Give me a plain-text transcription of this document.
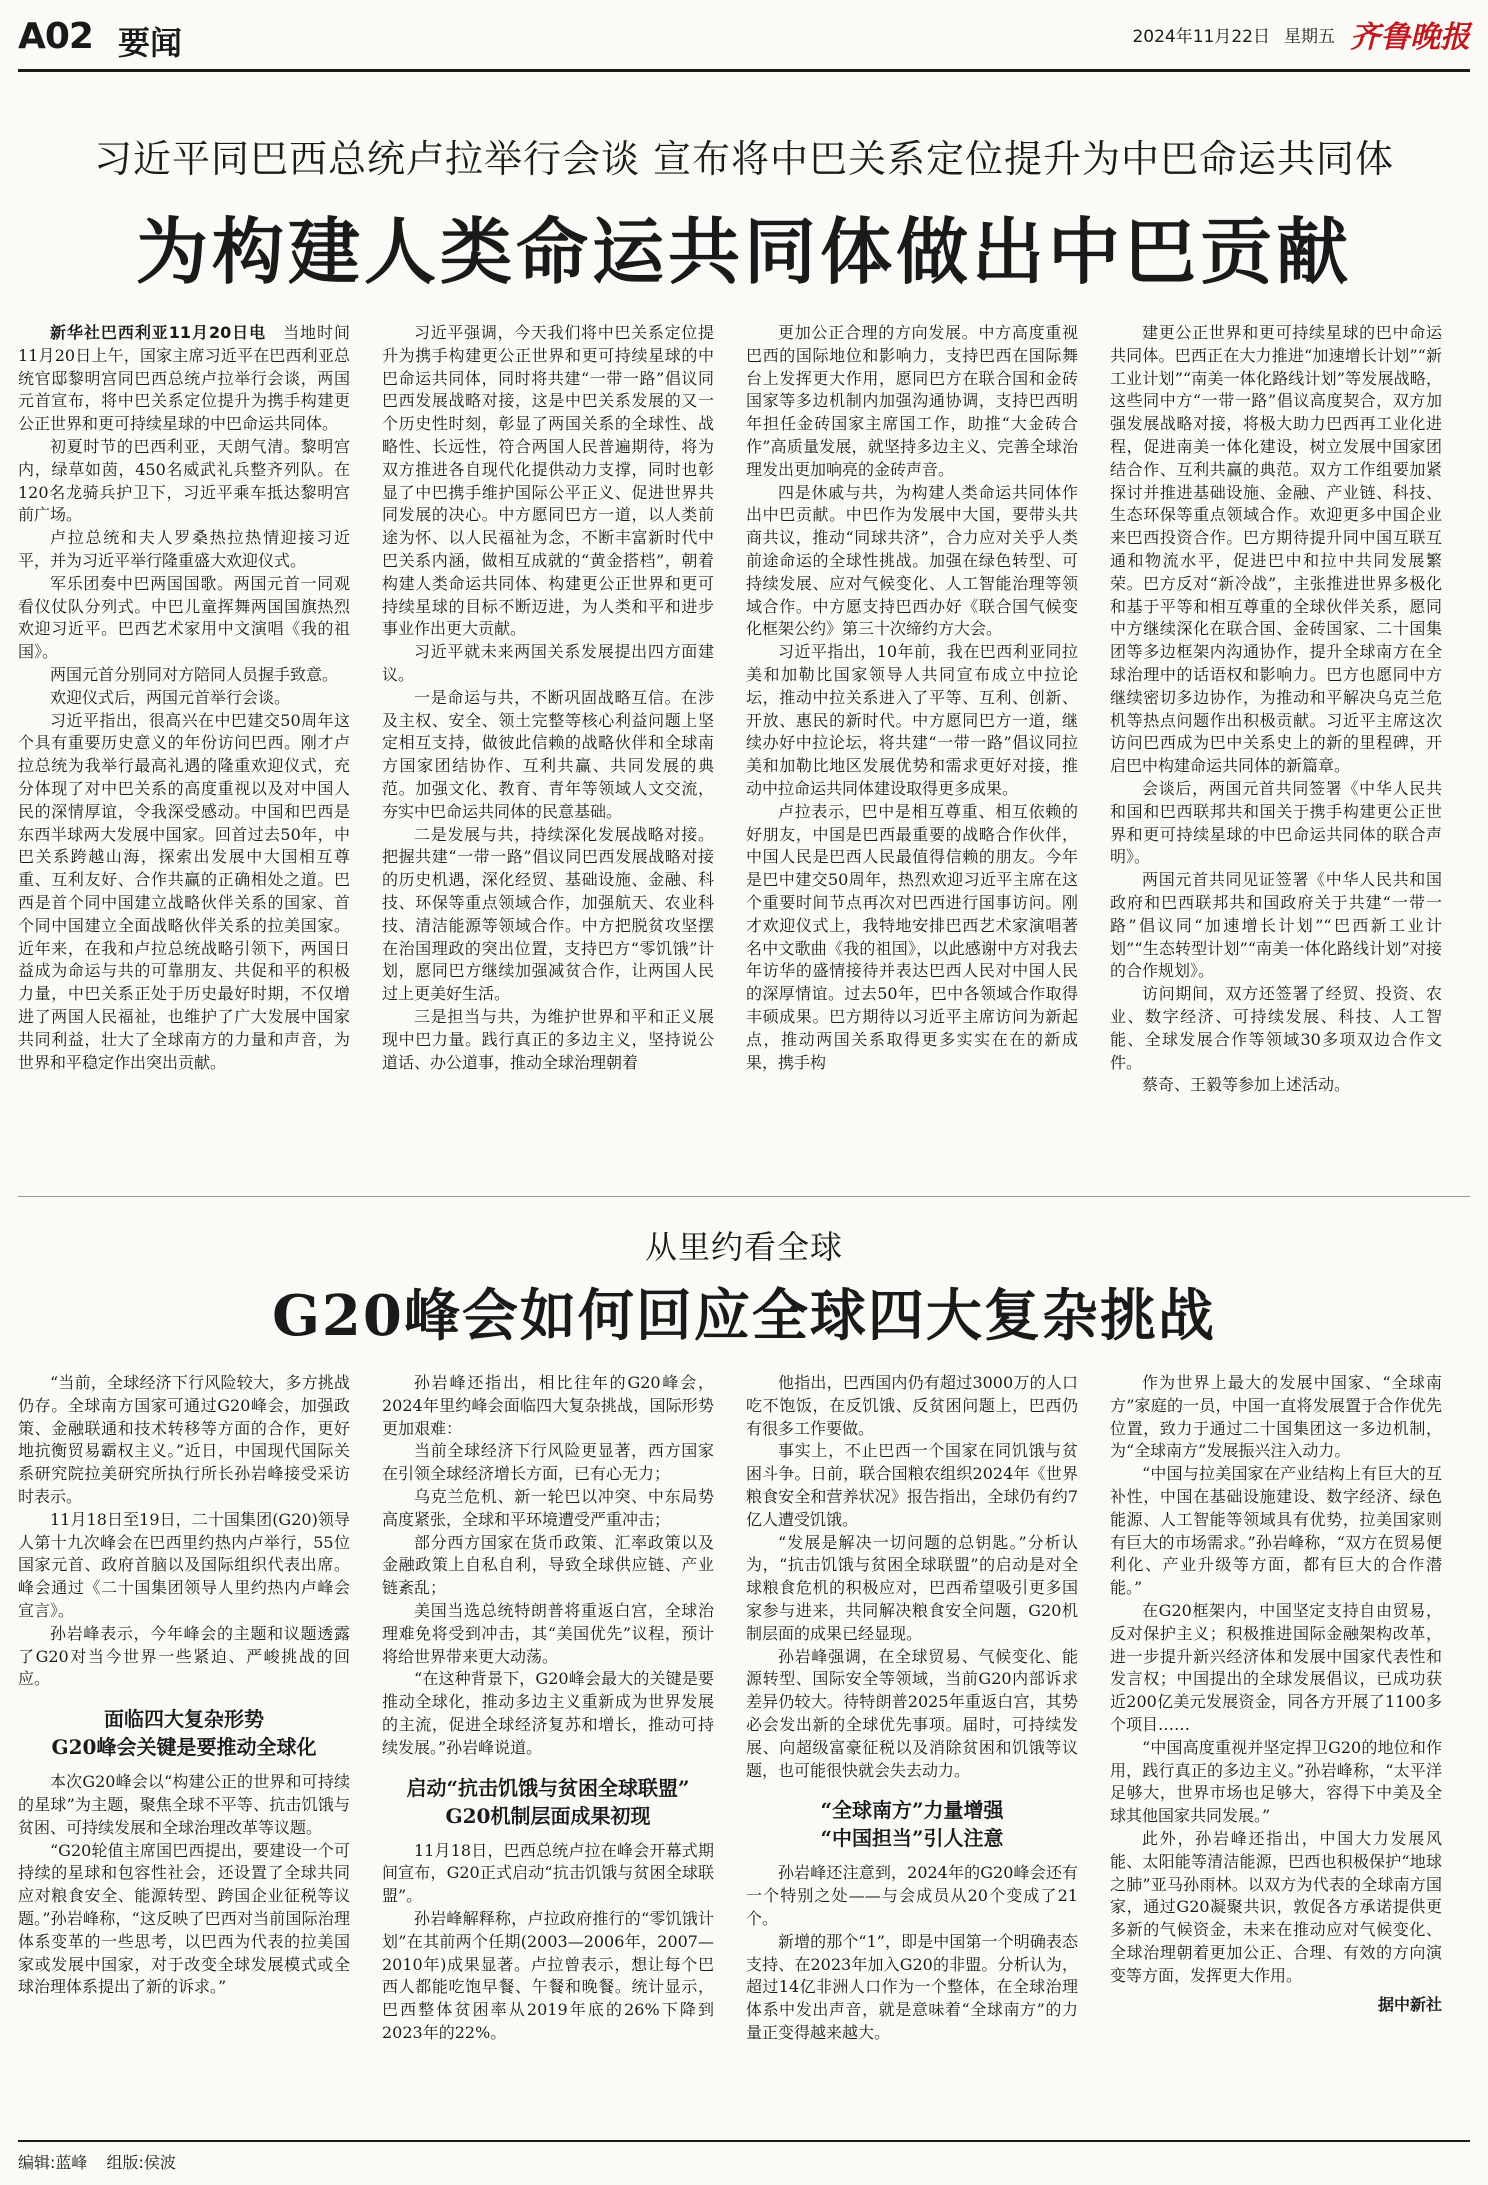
A02 要闻	2024年11月22日 星期五 齐鲁晚报
习近平同巴西总统卢拉举行会谈 宣布将中巴关系定位提升为中巴命运共同体
为构建人类命运共同体做出中巴贡献

新华社巴西利亚11月20日电  当地时间11月20日上午，国家主席习近平在巴西利亚总统官邸黎明宫同巴西总统卢拉举行会谈，两国元首宣布，将中巴关系定位提升为携手构建更公正世界和更可持续星球的中巴命运共同体。

初夏时节的巴西利亚，天朗气清。黎明宫内，绿草如茵，450名威武礼兵整齐列队。在120名龙骑兵护卫下，习近平乘车抵达黎明宫前广场。

卢拉总统和夫人罗桑热拉热情迎接习近平，并为习近平举行隆重盛大欢迎仪式。

军乐团奏中巴两国国歌。两国元首一同观看仪仗队分列式。中巴儿童挥舞两国国旗热烈欢迎习近平。巴西艺术家用中文演唱《我的祖国》。

两国元首分别同对方陪同人员握手致意。

欢迎仪式后，两国元首举行会谈。

习近平指出，很高兴在中巴建交50周年这个具有重要历史意义的年份访问巴西。刚才卢拉总统为我举行最高礼遇的隆重欢迎仪式，充分体现了对中巴关系的高度重视以及对中国人民的深情厚谊，令我深受感动。中国和巴西是东西半球两大发展中国家。回首过去50年，中巴关系跨越山海，探索出发展中大国相互尊重、互利友好、合作共赢的正确相处之道。巴西是首个同中国建立战略伙伴关系的国家、首个同中国建立全面战略伙伴关系的拉美国家。近年来，在我和卢拉总统战略引领下，两国日益成为命运与共的可靠朋友、共促和平的积极力量，中巴关系正处于历史最好时期，不仅增进了两国人民福祉，也维护了广大发展中国家共同利益，壮大了全球南方的力量和声音，为世界和平稳定作出突出贡献。

习近平强调，今天我们将中巴关系定位提升为携手构建更公正世界和更可持续星球的中巴命运共同体，同时将共建“一带一路”倡议同巴西发展战略对接，这是中巴关系发展的又一个历史性时刻，彰显了两国关系的全球性、战略性、长远性，符合两国人民普遍期待，将为双方推进各自现代化提供动力支撑，同时也彰显了中巴携手维护国际公平正义、促进世界共同发展的决心。中方愿同巴方一道，以人类前途为怀、以人民福祉为念，不断丰富新时代中巴关系内涵，做相互成就的“黄金搭档”，朝着构建人类命运共同体、构建更公正世界和更可持续星球的目标不断迈进，为人类和平和进步事业作出更大贡献。

习近平就未来两国关系发展提出四方面建议。

一是命运与共，不断巩固战略互信。在涉及主权、安全、领土完整等核心利益问题上坚定相互支持，做彼此信赖的战略伙伴和全球南方国家团结协作、互利共赢、共同发展的典范。加强文化、教育、青年等领域人文交流，夯实中巴命运共同体的民意基础。

二是发展与共，持续深化发展战略对接。把握共建“一带一路”倡议同巴西发展战略对接的历史机遇，深化经贸、基础设施、金融、科技、环保等重点领域合作，加强航天、农业科技、清洁能源等领域合作。中方把脱贫攻坚摆在治国理政的突出位置，支持巴方“零饥饿”计划，愿同巴方继续加强减贫合作，让两国人民过上更美好生活。

三是担当与共，为维护世界和平和正义展现中巴力量。践行真正的多边主义，坚持说公道话、办公道事，推动全球治理朝着

更加公正合理的方向发展。中方高度重视巴西的国际地位和影响力，支持巴西在国际舞台上发挥更大作用，愿同巴方在联合国和金砖国家等多边机制内加强沟通协调，支持巴西明年担任金砖国家主席国工作，助推“大金砖合作”高质量发展，就坚持多边主义、完善全球治理发出更加响亮的金砖声音。

四是休戚与共，为构建人类命运共同体作出中巴贡献。中巴作为发展中大国，要带头共商共议，推动“同球共济”，合力应对关乎人类前途命运的全球性挑战。加强在绿色转型、可持续发展、应对气候变化、人工智能治理等领域合作。中方愿支持巴西办好《联合国气候变化框架公约》第三十次缔约方大会。

习近平指出，10年前，我在巴西利亚同拉美和加勒比国家领导人共同宣布成立中拉论坛，推动中拉关系进入了平等、互利、创新、开放、惠民的新时代。中方愿同巴方一道，继续办好中拉论坛，将共建“一带一路”倡议同拉美和加勒比地区发展优势和需求更好对接，推动中拉命运共同体建设取得更多成果。

卢拉表示，巴中是相互尊重、相互依赖的好朋友，中国是巴西最重要的战略合作伙伴，中国人民是巴西人民最值得信赖的朋友。今年是巴中建交50周年，热烈欢迎习近平主席在这个重要时间节点再次对巴西进行国事访问。刚才欢迎仪式上，我特地安排巴西艺术家演唱著名中文歌曲《我的祖国》，以此感谢中方对我去年访华的盛情接待并表达巴西人民对中国人民的深厚情谊。过去50年，巴中各领域合作取得丰硕成果。巴方期待以习近平主席访问为新起点，推动两国关系取得更多实实在在的新成果，携手构

建更公正世界和更可持续星球的巴中命运共同体。巴西正在大力推进“加速增长计划”“新工业计划”“南美一体化路线计划”等发展战略，这些同中方“一带一路”倡议高度契合，双方加强发展战略对接，将极大助力巴西再工业化进程，促进南美一体化建设，树立发展中国家团结合作、互利共赢的典范。双方工作组要加紧探讨并推进基础设施、金融、产业链、科技、生态环保等重点领域合作。欢迎更多中国企业来巴西投资合作。巴方期待提升同中国互联互通和物流水平，促进巴中和拉中共同发展繁荣。巴方反对“新冷战”，主张推进世界多极化和基于平等和相互尊重的全球伙伴关系，愿同中方继续深化在联合国、金砖国家、二十国集团等多边框架内沟通协作，提升全球南方在全球治理中的话语权和影响力。巴方也愿同中方继续密切多边协作，为推动和平解决乌克兰危机等热点问题作出积极贡献。习近平主席这次访问巴西成为巴中关系史上的新的里程碑，开启巴中构建命运共同体的新篇章。

会谈后，两国元首共同签署《中华人民共和国和巴西联邦共和国关于携手构建更公正世界和更可持续星球的中巴命运共同体的联合声明》。

两国元首共同见证签署《中华人民共和国政府和巴西联邦共和国政府关于共建“一带一路”倡议同“加速增长计划”“巴西新工业计划”“生态转型计划”“南美一体化路线计划”对接的合作规划》。

访问期间，双方还签署了经贸、投资、农业、数字经济、可持续发展、科技、人工智能、全球发展合作等领域30多项双边合作文件。

蔡奇、王毅等参加上述活动。

从里约看全球
G20峰会如何回应全球四大复杂挑战

“当前，全球经济下行风险较大，多方挑战仍存。全球南方国家可通过G20峰会，加强政策、金融联通和技术转移等方面的合作，更好地抗衡贸易霸权主义。”近日，中国现代国际关系研究院拉美研究所执行所长孙岩峰接受采访时表示。

11月18日至19日，二十国集团(G20)领导人第十九次峰会在巴西里约热内卢举行，55位国家元首、政府首脑以及国际组织代表出席。峰会通过《二十国集团领导人里约热内卢峰会宣言》。

孙岩峰表示，今年峰会的主题和议题透露了G20对当今世界一些紧迫、严峻挑战的回应。

面临四大复杂形势
G20峰会关键是要推动全球化

本次G20峰会以“构建公正的世界和可持续的星球”为主题，聚焦全球不平等、抗击饥饿与贫困、可持续发展和全球治理改革等议题。

“G20轮值主席国巴西提出，要建设一个可持续的星球和包容性社会，还设置了全球共同应对粮食安全、能源转型、跨国企业征税等议题。”孙岩峰称，“这反映了巴西对当前国际治理体系变革的一些思考，以巴西为代表的拉美国家或发展中国家，对于改变全球发展模式或全球治理体系提出了新的诉求。”

孙岩峰还指出，相比往年的G20峰会，2024年里约峰会面临四大复杂挑战，国际形势更加艰难：

当前全球经济下行风险更显著，西方国家在引领全球经济增长方面，已有心无力；

乌克兰危机、新一轮巴以冲突、中东局势高度紧张，全球和平环境遭受严重冲击；

部分西方国家在货币政策、汇率政策以及金融政策上自私自利，导致全球供应链、产业链紊乱；

美国当选总统特朗普将重返白宫，全球治理难免将受到冲击，其“美国优先”议程，预计将给世界带来更大动荡。

“在这种背景下，G20峰会最大的关键是要推动全球化，推动多边主义重新成为世界发展的主流，促进全球经济复苏和增长，推动可持续发展。”孙岩峰说道。

启动“抗击饥饿与贫困全球联盟”
G20机制层面成果初现

11月18日，巴西总统卢拉在峰会开幕式期间宣布，G20正式启动“抗击饥饿与贫困全球联盟”。

孙岩峰解释称，卢拉政府推行的“零饥饿计划”在其前两个任期(2003—2006年，2007—2010年)成果显著。卢拉曾表示，想让每个巴西人都能吃饱早餐、午餐和晚餐。统计显示，巴西整体贫困率从2019年底的26%下降到2023年的22%。

他指出，巴西国内仍有超过3000万的人口吃不饱饭，在反饥饿、反贫困问题上，巴西仍有很多工作要做。

事实上，不止巴西一个国家在同饥饿与贫困斗争。日前，联合国粮农组织2024年《世界粮食安全和营养状况》报告指出，全球仍有约7亿人遭受饥饿。

“发展是解决一切问题的总钥匙。”分析认为，“抗击饥饿与贫困全球联盟”的启动是对全球粮食危机的积极应对，巴西希望吸引更多国家参与进来，共同解决粮食安全问题，G20机制层面的成果已经显现。

孙岩峰强调，在全球贸易、气候变化、能源转型、国际安全等领域，当前G20内部诉求差异仍较大。待特朗普2025年重返白宫，其势必会发出新的全球优先事项。届时，可持续发展、向超级富豪征税以及消除贫困和饥饿等议题，也可能很快就会失去动力。

“全球南方”力量增强
“中国担当”引人注意

孙岩峰还注意到，2024年的G20峰会还有一个特别之处——与会成员从20个变成了21个。

新增的那个“1”，即是中国第一个明确表态支持、在2023年加入G20的非盟。分析认为，超过14亿非洲人口作为一个整体，在全球治理体系中发出声音，就是意味着“全球南方”的力量正变得越来越大。

作为世界上最大的发展中国家、“全球南方”家庭的一员，中国一直将发展置于合作优先位置，致力于通过二十国集团这一多边机制，为“全球南方”发展振兴注入动力。

“中国与拉美国家在产业结构上有巨大的互补性，中国在基础设施建设、数字经济、绿色能源、人工智能等领域具有优势，拉美国家则有巨大的市场需求。”孙岩峰称，“双方在贸易便利化、产业升级等方面，都有巨大的合作潜能。”

在G20框架内，中国坚定支持自由贸易，反对保护主义；积极推进国际金融架构改革，进一步提升新兴经济体和发展中国家代表性和发言权；中国提出的全球发展倡议，已成功获近200亿美元发展资金，同各方开展了1100多个项目……

“中国高度重视并坚定捍卫G20的地位和作用，践行真正的多边主义。”孙岩峰称，“太平洋足够大，世界市场也足够大，容得下中美及全球其他国家共同发展。”

此外，孙岩峰还指出，中国大力发展风能、太阳能等清洁能源，巴西也积极保护“地球之肺”亚马孙雨林。以双方为代表的全球南方国家，通过G20凝聚共识，敦促各方承诺提供更多新的气候资金，未来在推动应对气候变化、全球治理朝着更加公正、合理、有效的方向演变等方面，发挥更大作用。

据中新社
编辑:蓝峰 组版:侯波
